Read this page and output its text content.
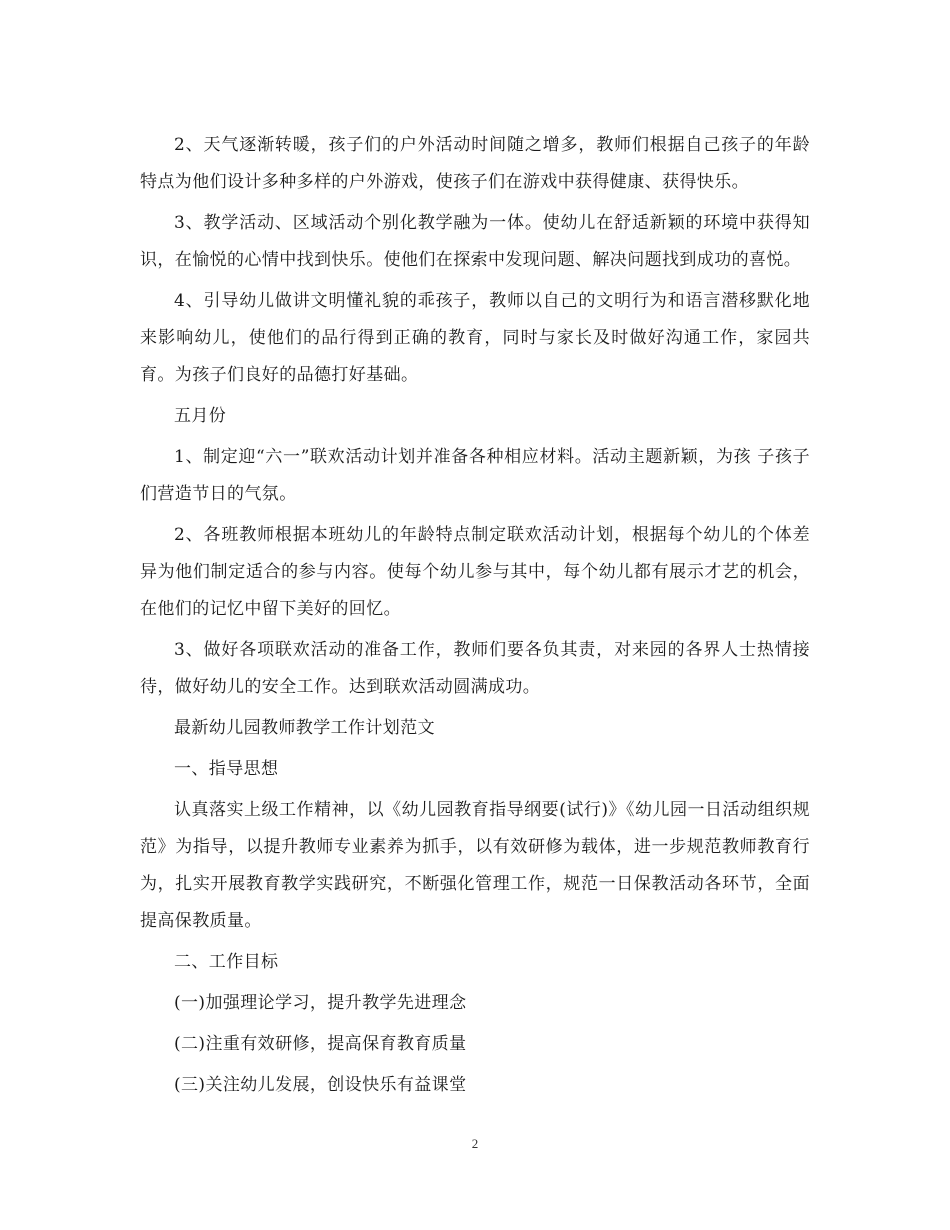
2、天气逐渐转暖，孩子们的户外活动时间随之增多，教师们根据自己孩子的年龄特点为他们设计多种多样的户外游戏，使孩子们在游戏中获得健康、获得快乐。

3、教学活动、区域活动个别化教学融为一体。使幼儿在舒适新颖的环境中获得知识，在愉悦的心情中找到快乐。使他们在探索中发现问题、解决问题找到成功的喜悦。

4、引导幼儿做讲文明懂礼貌的乖孩子，教师以自己的文明行为和语言潜移默化地来影响幼儿，使他们的品行得到正确的教育，同时与家长及时做好沟通工作，家园共育。为孩子们良好的品德打好基础。

五月份

1、制定迎“六一”联欢活动计划并准备各种相应材料。活动主题新颖，为孩 子孩子们营造节日的气氛。

2、各班教师根据本班幼儿的年龄特点制定联欢活动计划，根据每个幼儿的个体差异为他们制定适合的参与内容。使每个幼儿参与其中，每个幼儿都有展示才艺的机会，在他们的记忆中留下美好的回忆。

3、做好各项联欢活动的准备工作，教师们要各负其责，对来园的各界人士热情接待，做好幼儿的安全工作。达到联欢活动圆满成功。

最新幼儿园教师教学工作计划范文

一、指导思想

认真落实上级工作精神，以《幼儿园教育指导纲要(试行)》《幼儿园一日活动组织规范》为指导，以提升教师专业素养为抓手，以有效研修为载体，进一步规范教师教育行为，扎实开展教育教学实践研究，不断强化管理工作，规范一日保教活动各环节，全面提高保教质量。

二、工作目标

(一)加强理论学习，提升教学先进理念

(二)注重有效研修，提高保育教育质量

(三)关注幼儿发展，创设快乐有益课堂

2
